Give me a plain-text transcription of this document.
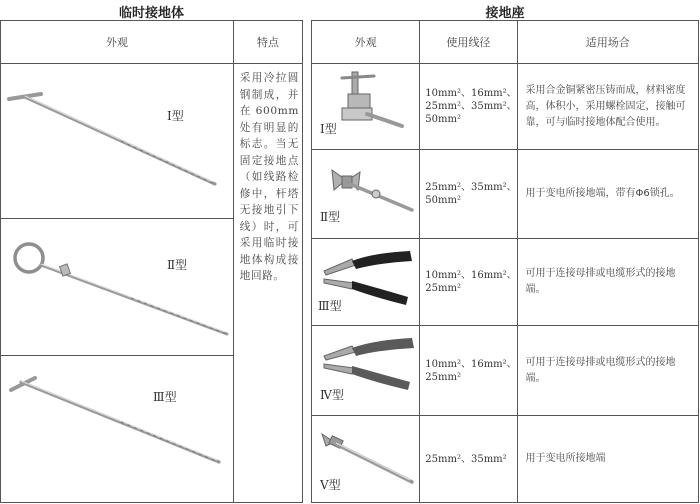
临时接地体	接地座
外观	特点

Ⅰ型	采用冷拉圆钢制成，并在600mm处有明显的标志。当无固定接地点（如线路检修中，杆塔无接地引下线）时，可采用临时接地体构成接地回路。

Ⅱ型	

Ⅲ型	
外观	使用线径	适用场合

Ⅰ型	10mm²、16mm²、
25mm²、35mm²、
50mm²	采用合金铜紧密压铸而成，材料密度高，体积小，采用螺栓固定，接触可靠，可与临时接地体配合使用。

Ⅱ型	25mm²、35mm²、
50mm²	用于变电所接地端，带有Φ6锁孔。

Ⅲ型	10mm²、16mm²、
25mm²	可用于连接母排或电缆形式的接地端。

Ⅳ型	10mm²、16mm²、
25mm²	可用于连接母排或电缆形式的接地端。

Ⅴ型	25mm²、35mm²	用于变电所接地端
